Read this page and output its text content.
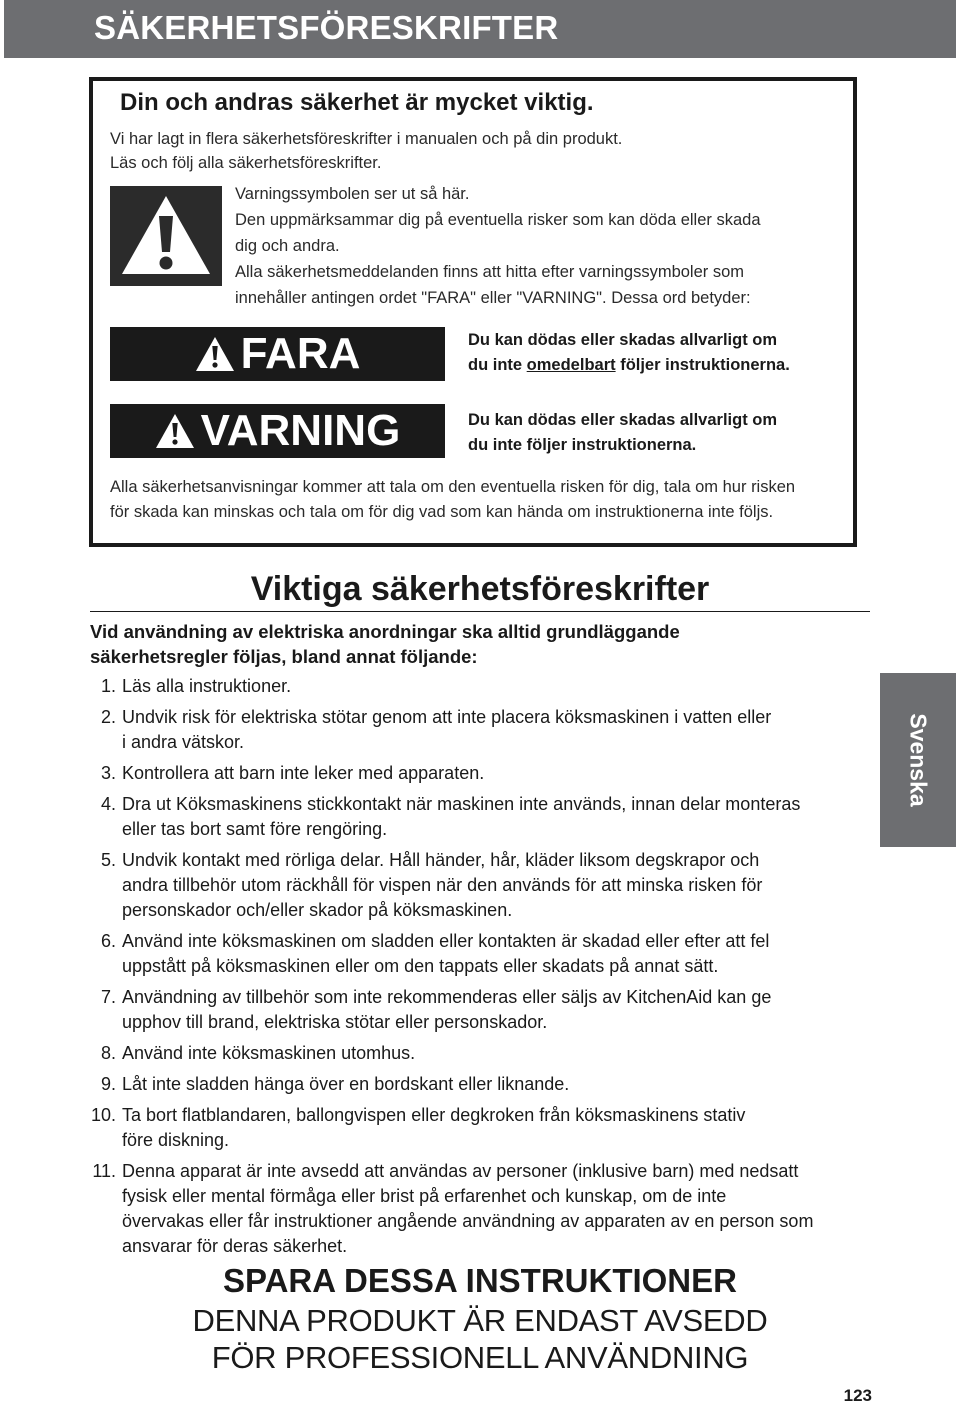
SÄKERHETSFÖRESKRIFTER
Din och andras säkerhet är mycket viktig.
Vi har lagt in flera säkerhetsföreskrifter i manualen och på din produkt.
Läs och följ alla säkerhetsföreskrifter.
Varningssymbolen ser ut så här.
Den uppmärksammar dig på eventuella risker som kan döda eller skada
dig och andra.
Alla säkerhetsmeddelanden finns att hitta efter varningssymboler som
innehåller antingen ordet "FARA" eller "VARNING". Dessa ord betyder:
FARA	Du kan dödas eller skadas allvarligt om
du inte omedelbart följer instruktionerna.
VARNING	Du kan dödas eller skadas allvarligt om
du inte följer instruktionerna.
Alla säkerhetsanvisningar kommer att tala om den eventuella risken för dig, tala om hur risken
för skada kan minskas och tala om för dig vad som kan hända om instruktionerna inte följs.
Viktiga säkerhetsföreskrifter
Vid användning av elektriska anordningar ska alltid grundläggande
säkerhetsregler följas, bland annat följande:
1. Läs alla instruktioner.
2. Undvik risk för elektriska stötar genom att inte placera köksmaskinen i vatten eller
i andra vätskor.
3. Kontrollera att barn inte leker med apparaten.
4. Dra ut Köksmaskinens stickkontakt när maskinen inte används, innan delar monteras
eller tas bort samt före rengöring.
5. Undvik kontakt med rörliga delar. Håll händer, hår, kläder liksom degskrapor och
andra tillbehör utom räckhåll för vispen när den används för att minska risken för
personskador och/eller skador på köksmaskinen.
6. Använd inte köksmaskinen om sladden eller kontakten är skadad eller efter att fel
uppstått på köksmaskinen eller om den tappats eller skadats på annat sätt.
7. Användning av tillbehör som inte rekommenderas eller säljs av KitchenAid kan ge
upphov till brand, elektriska stötar eller personskador.
8. Använd inte köksmaskinen utomhus.
9. Låt inte sladden hänga över en bordskant eller liknande.
10. Ta bort flatblandaren, ballongvispen eller degkroken från köksmaskinens stativ
före diskning.
11. Denna apparat är inte avsedd att användas av personer (inklusive barn) med nedsatt
fysisk eller mental förmåga eller brist på erfarenhet och kunskap, om de inte
övervakas eller får instruktioner angående användning av apparaten av en person som
ansvarar för deras säkerhet.
Svenska
SPARA DESSA INSTRUKTIONER
DENNA PRODUKT ÄR ENDAST AVSEDD
FÖR PROFESSIONELL ANVÄNDNING
123
